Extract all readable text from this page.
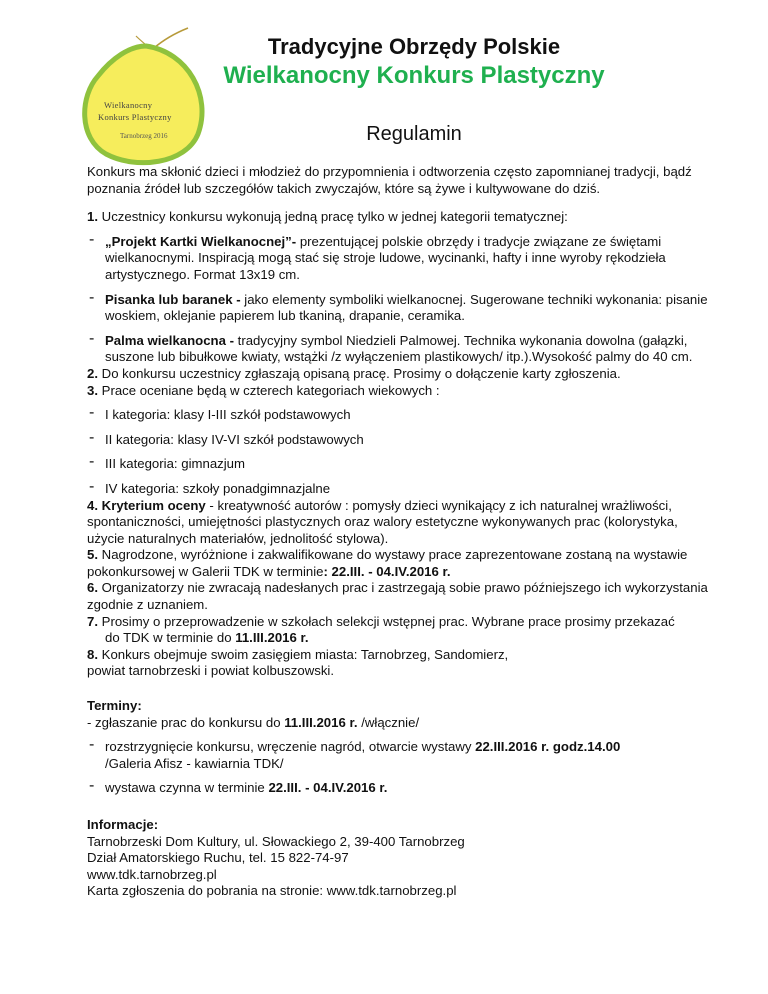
Wielkanocny
Konkurs Plastyczny
Tarnobrzeg 2016
Tradycyjne Obrzędy Polskie
Wielkanocny Konkurs Plastyczny
Regulamin

Konkurs ma skłonić dzieci i młodzież do przypomnienia i odtworzenia często zapomnianej tradycji, bądź poznania źródeł lub szczegółów takich zwyczajów, które są żywe i kultywowane do dziś.

1. Uczestnicy konkursu wykonują jedną pracę tylko w jednej kategorii tematycznej:

- „Projekt Kartki Wielkanocnej”- prezentującej polskie obrzędy i tradycje związane ze świętami wielkanocnymi. Inspiracją mogą stać się stroje ludowe, wycinanki, hafty i inne wyroby rękodzieła artystycznego. Format 13x19 cm.

- Pisanka lub baranek - jako elementy symboliki wielkanocnej. Sugerowane techniki wykonania: pisanie woskiem, oklejanie papierem lub tkaniną, drapanie, ceramika.

- Palma wielkanocna - tradycyjny symbol Niedzieli Palmowej. Technika wykonania dowolna (gałązki, suszone lub bibułkowe kwiaty, wstążki /z wyłączeniem plastikowych/ itp.).Wysokość palmy do 40 cm.

2. Do konkursu uczestnicy zgłaszają opisaną pracę. Prosimy o dołączenie karty zgłoszenia.

3. Prace oceniane będą w czterech kategoriach wiekowych :

- I kategoria: klasy I-III szkół podstawowych

- II kategoria: klasy IV-VI szkół podstawowych

- III kategoria: gimnazjum

- IV kategoria: szkoły ponadgimnazjalne

4. Kryterium oceny - kreatywność autorów : pomysły dzieci wynikający z ich naturalnej wrażliwości, spontaniczności, umiejętności plastycznych oraz walory estetyczne wykonywanych prac (kolorystyka, użycie naturalnych materiałów, jednolitość stylowa).

5. Nagrodzone, wyróżnione i zakwalifikowane do wystawy prace zaprezentowane zostaną na wystawie pokonkursowej w Galerii TDK w terminie: 22.III. - 04.IV.2016 r.

6. Organizatorzy nie zwracają nadesłanych prac i zastrzegają sobie prawo późniejszego ich wykorzystania zgodnie z uznaniem.

7. Prosimy o przeprowadzenie w szkołach selekcji wstępnej prac. Wybrane prace prosimy przekazać
do TDK w terminie do 11.III.2016 r.

8. Konkurs obejmuje swoim zasięgiem miasta: Tarnobrzeg, Sandomierz,
powiat tarnobrzeski i powiat kolbuszowski.

Terminy:

- zgłaszanie prac do konkursu do 11.III.2016 r. /włącznie/

- rozstrzygnięcie konkursu, wręczenie nagród, otwarcie wystawy 22.III.2016 r. godz.14.00
/Galeria Afisz - kawiarnia TDK/

- wystawa czynna w terminie 22.III. - 04.IV.2016 r.

Informacje:

Tarnobrzeski Dom Kultury, ul. Słowackiego 2, 39-400 Tarnobrzeg

Dział Amatorskiego Ruchu, tel. 15 822-74-97

www.tdk.tarnobrzeg.pl

Karta zgłoszenia do pobrania na stronie: www.tdk.tarnobrzeg.pl
